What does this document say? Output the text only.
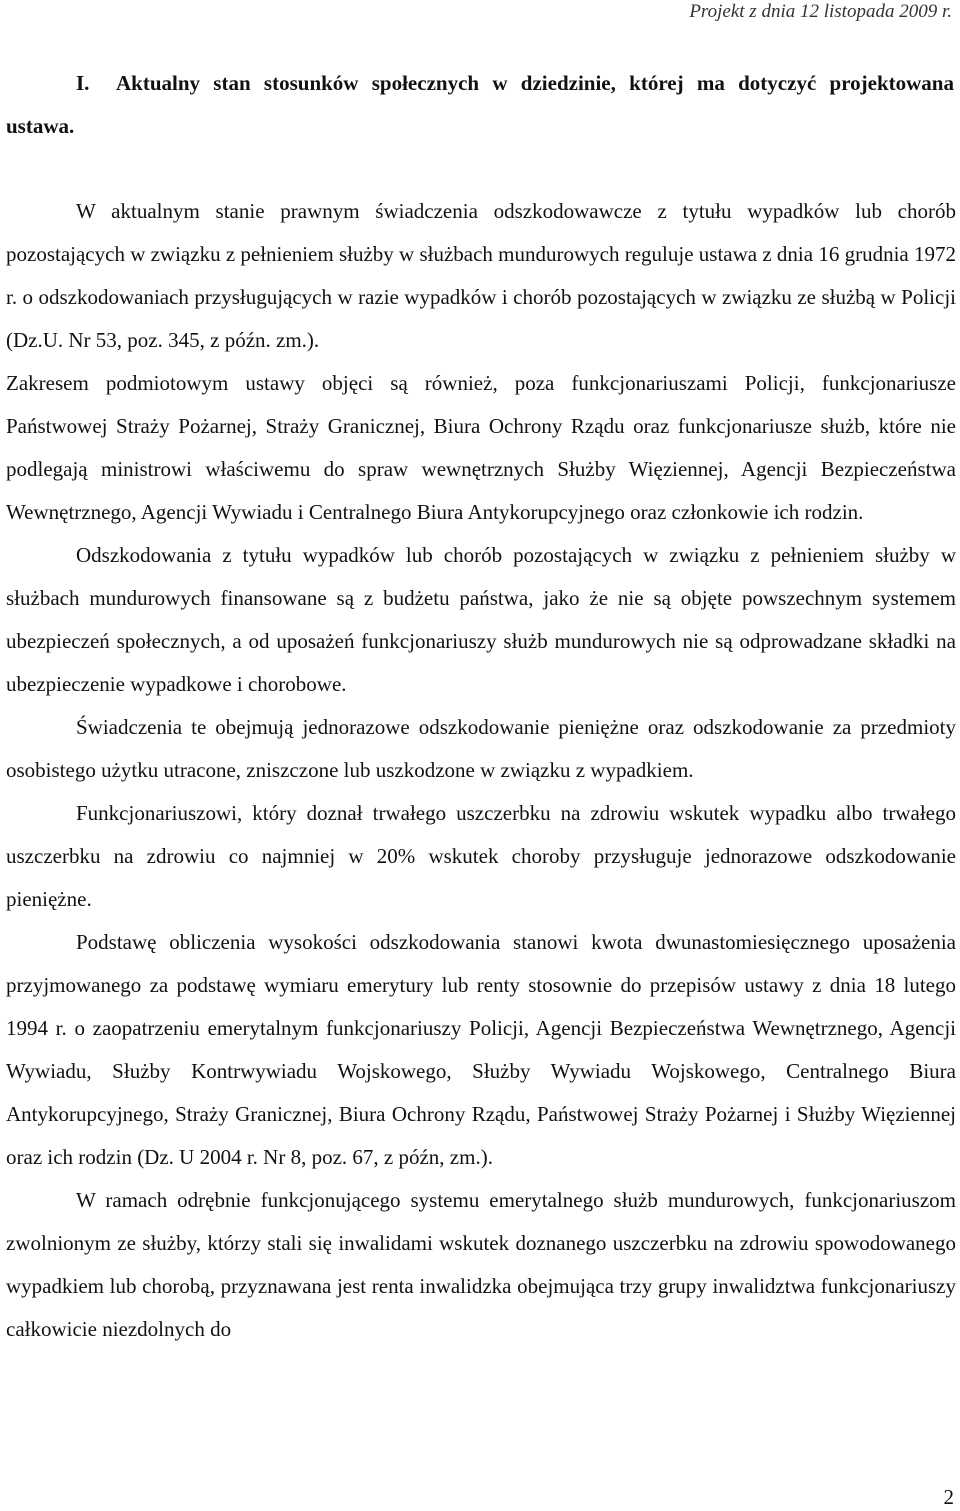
Projekt z dnia 12 listopada 2009 r.
I. Aktualny stan stosunków społecznych w dziedzinie, której ma dotyczyć projektowana ustawa.

W aktualnym stanie prawnym świadczenia odszkodowawcze z tytułu wypadków lub chorób pozostających w związku z pełnieniem służby w służbach mundurowych reguluje ustawa z dnia 16 grudnia 1972 r. o odszkodowaniach przysługujących w razie wypadków i chorób pozostających w związku ze służbą w Policji (Dz.U. Nr 53, poz. 345, z późn. zm.).

Zakresem podmiotowym ustawy objęci są również, poza funkcjonariuszami Policji, funkcjonariusze Państwowej Straży Pożarnej, Straży Granicznej, Biura Ochrony Rządu oraz funkcjonariusze służb, które nie podlegają ministrowi właściwemu do spraw wewnętrznych Służby Więziennej, Agencji Bezpieczeństwa Wewnętrznego, Agencji Wywiadu i Centralnego Biura Antykorupcyjnego oraz członkowie ich rodzin.

Odszkodowania z tytułu wypadków lub chorób pozostających w związku z pełnieniem służby w służbach mundurowych finansowane są z budżetu państwa, jako że nie są objęte powszechnym systemem ubezpieczeń społecznych, a od uposażeń funkcjonariuszy służb mundurowych nie są odprowadzane składki na ubezpieczenie wypadkowe i chorobowe.

Świadczenia te obejmują jednorazowe odszkodowanie pieniężne oraz odszkodowanie za przedmioty osobistego użytku utracone, zniszczone lub uszkodzone w związku z wypadkiem.

Funkcjonariuszowi, który doznał trwałego uszczerbku na zdrowiu wskutek wypadku albo trwałego uszczerbku na zdrowiu co najmniej w 20% wskutek choroby przysługuje jednorazowe odszkodowanie pieniężne.

Podstawę obliczenia wysokości odszkodowania stanowi kwota dwunastomiesięcznego uposażenia przyjmowanego za podstawę wymiaru emerytury lub renty stosownie do przepisów ustawy z dnia 18 lutego 1994 r. o zaopatrzeniu emerytalnym funkcjonariuszy Policji, Agencji Bezpieczeństwa Wewnętrznego, Agencji Wywiadu, Służby Kontrwywiadu Wojskowego, Służby Wywiadu Wojskowego, Centralnego Biura Antykorupcyjnego, Straży Granicznej, Biura Ochrony Rządu, Państwowej Straży Pożarnej i Służby Więziennej oraz ich rodzin (Dz. U 2004 r. Nr 8, poz. 67, z późn, zm.).

W ramach odrębnie funkcjonującego systemu emerytalnego służb mundurowych, funkcjonariuszom zwolnionym ze służby, którzy stali się inwalidami wskutek doznanego uszczerbku na zdrowiu spowodowanego wypadkiem lub chorobą, przyznawana jest renta inwalidzka obejmująca trzy grupy inwalidztwa funkcjonariuszy całkowicie niezdolnych do

2
